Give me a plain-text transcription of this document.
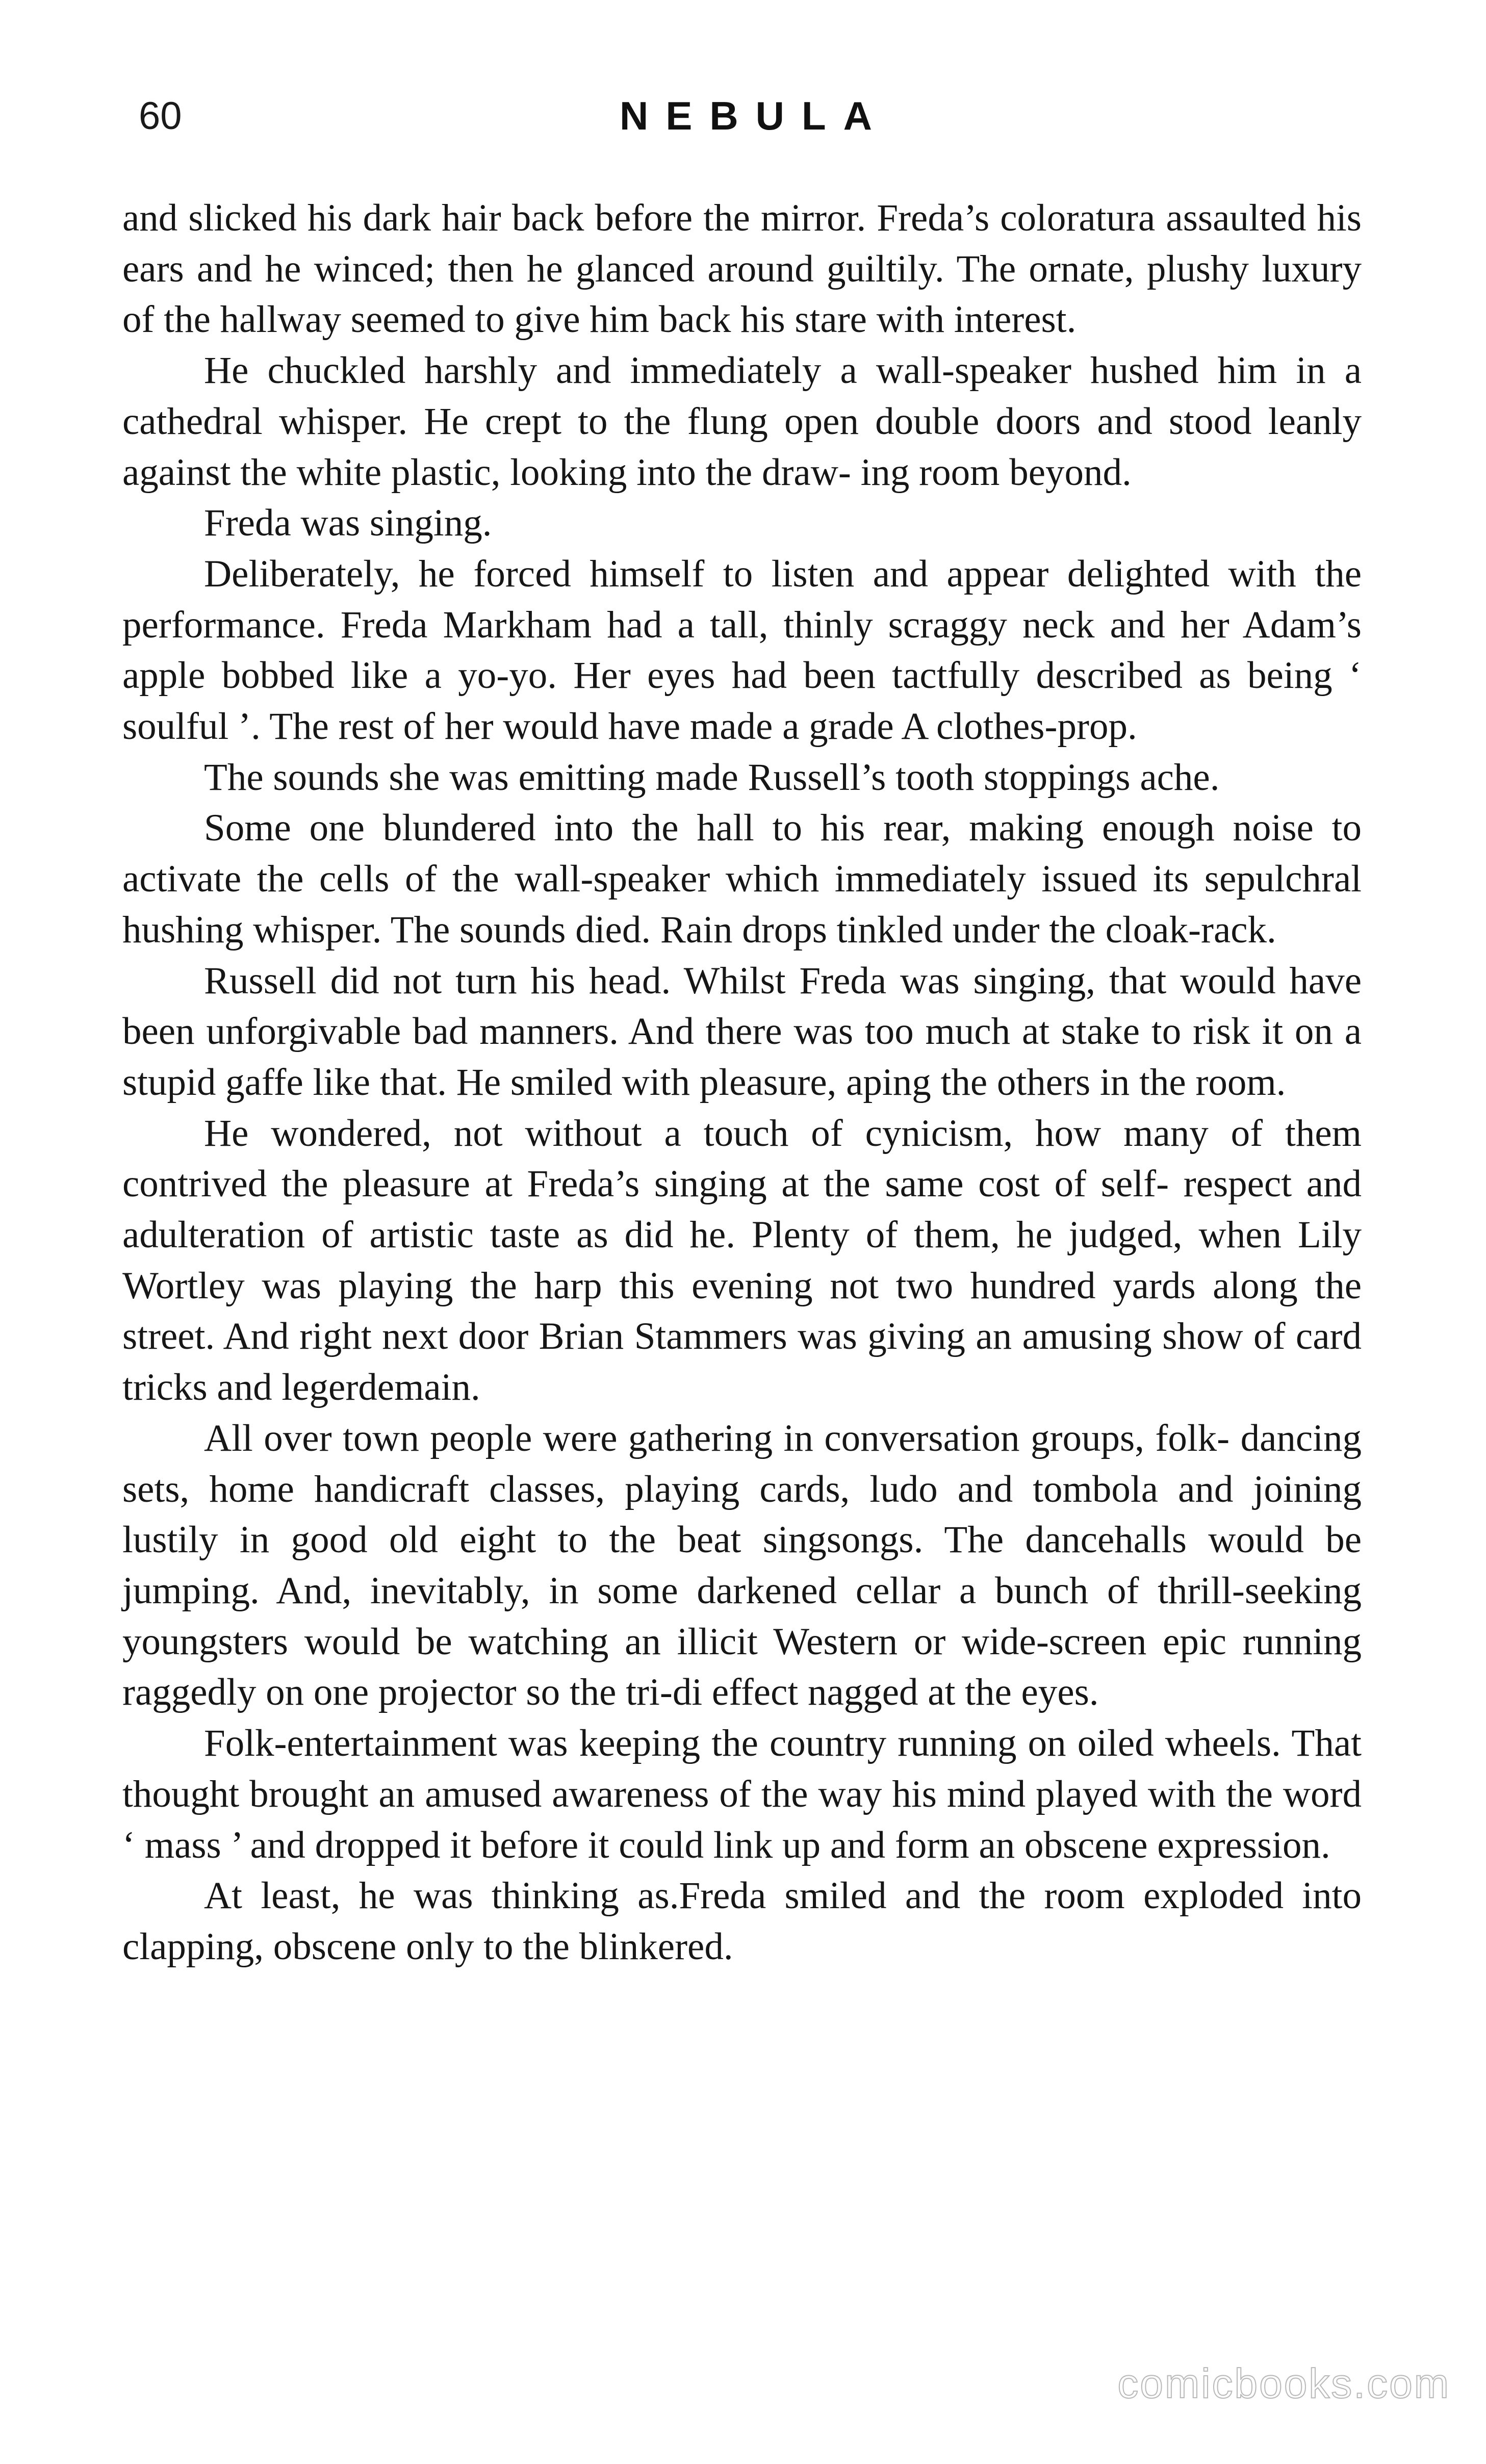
60	NEBULA

and slicked his dark hair back before the mirror. Freda’s coloratura assaulted his ears and he winced; then he glanced around guiltily. The ornate, plushy luxury of the hallway seemed to give him back his stare with interest.

He chuckled harshly and immediately a wall-speaker hushed him in a cathedral whisper. He crept to the flung open double doors and stood leanly against the white plastic, looking into the draw- ing room beyond.

Freda was singing.

Deliberately, he forced himself to listen and appear delighted with the performance. Freda Markham had a tall, thinly scraggy neck and her Adam’s apple bobbed like a yo-yo. Her eyes had been tactfully described as being ‘ soulful ’. The rest of her would have made a grade A clothes-prop.

The sounds she was emitting made Russell’s tooth stoppings ache.

Some one blundered into the hall to his rear, making enough noise to activate the cells of the wall-speaker which immediately issued its sepulchral hushing whisper. The sounds died. Rain drops tinkled under the cloak-rack.

Russell did not turn his head. Whilst Freda was singing, that would have been unforgivable bad manners. And there was too much at stake to risk it on a stupid gaffe like that. He smiled with pleasure, aping the others in the room.

He wondered, not without a touch of cynicism, how many of them contrived the pleasure at Freda’s singing at the same cost of self- respect and adulteration of artistic taste as did he. Plenty of them, he judged, when Lily Wortley was playing the harp this evening not two hundred yards along the street. And right next door Brian Stammers was giving an amusing show of card tricks and legerdemain.

All over town people were gathering in conversation groups, folk- dancing sets, home handicraft classes, playing cards, ludo and tombola and joining lustily in good old eight to the beat singsongs. The dancehalls would be jumping. And, inevitably, in some darkened cellar a bunch of thrill-seeking youngsters would be watching an illicit Western or wide-screen epic running raggedly on one projector so the tri-di effect nagged at the eyes.

Folk-entertainment was keeping the country running on oiled wheels. That thought brought an amused awareness of the way his mind played with the word ‘ mass ’ and dropped it before it could link up and form an obscene expression.

At least, he was thinking as.Freda smiled and the room exploded into clapping, obscene only to the blinkered.

comicbooks.com
